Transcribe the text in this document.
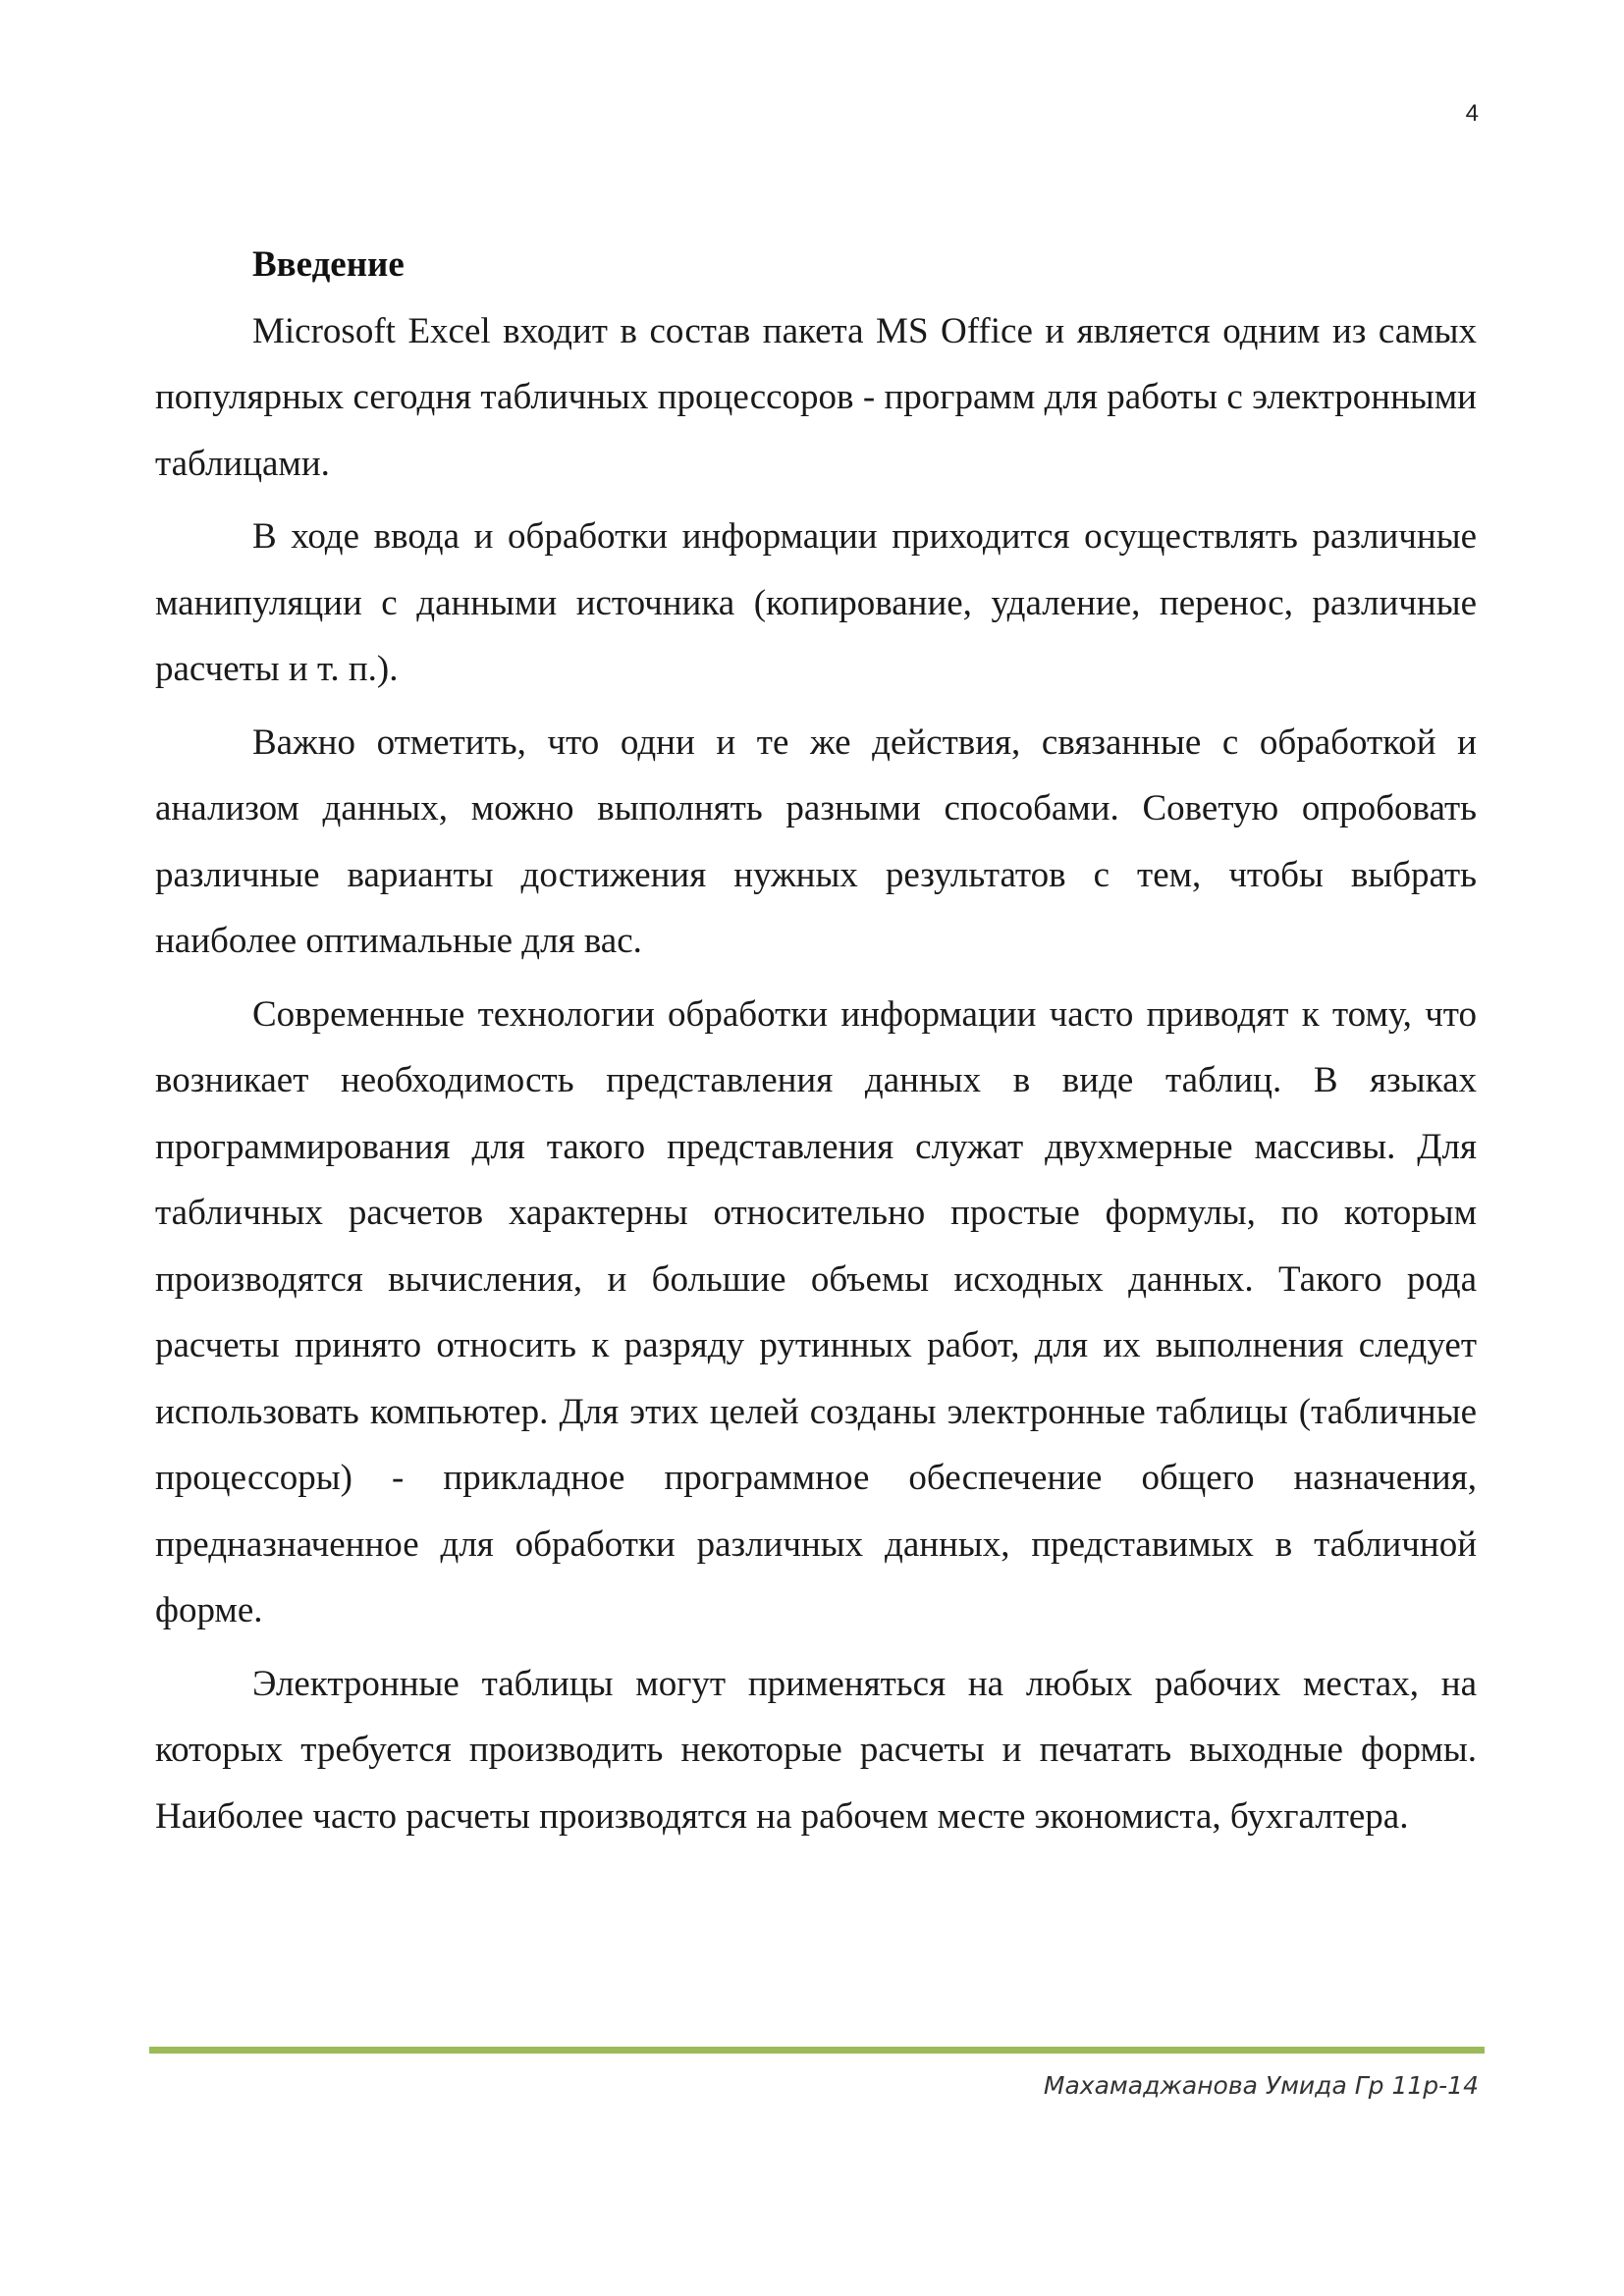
4

Введение

Microsoft Excel входит в состав пакета MS Office и является одним из самых популярных сегодня табличных процессоров - программ для работы с электронными таблицами.

В ходе ввода и обработки информации приходится осуществлять различные манипуляции с данными источника (копирование, удаление, перенос, различные расчеты и т. п.).

Важно отметить, что одни и те же действия, связанные с обработкой и анализом данных, можно выполнять разными способами. Советую опробовать различные варианты достижения нужных результатов с тем, чтобы выбрать наиболее оптимальные для вас.

Современные технологии обработки информации часто приводят к тому, что возникает необходимость представления данных в виде таблиц. В языках программирования для такого представления служат двухмерные массивы. Для табличных расчетов характерны относительно простые формулы, по которым производятся вычисления, и большие объемы исходных данных. Такого рода расчеты принято относить к разряду рутинных работ, для их выполнения следует использовать компьютер. Для этих целей созданы электронные таблицы (табличные процессоры) - прикладное программное обеспечение общего назначения, предназначенное для обработки различных данных, представимых в табличной форме.

Электронные таблицы могут применяться на любых рабочих местах, на которых требуется производить некоторые расчеты и печатать выходные формы. Наиболее часто расчеты производятся на рабочем месте экономиста, бухгалтера.

Махамаджанова Умида Гр 11р-14
